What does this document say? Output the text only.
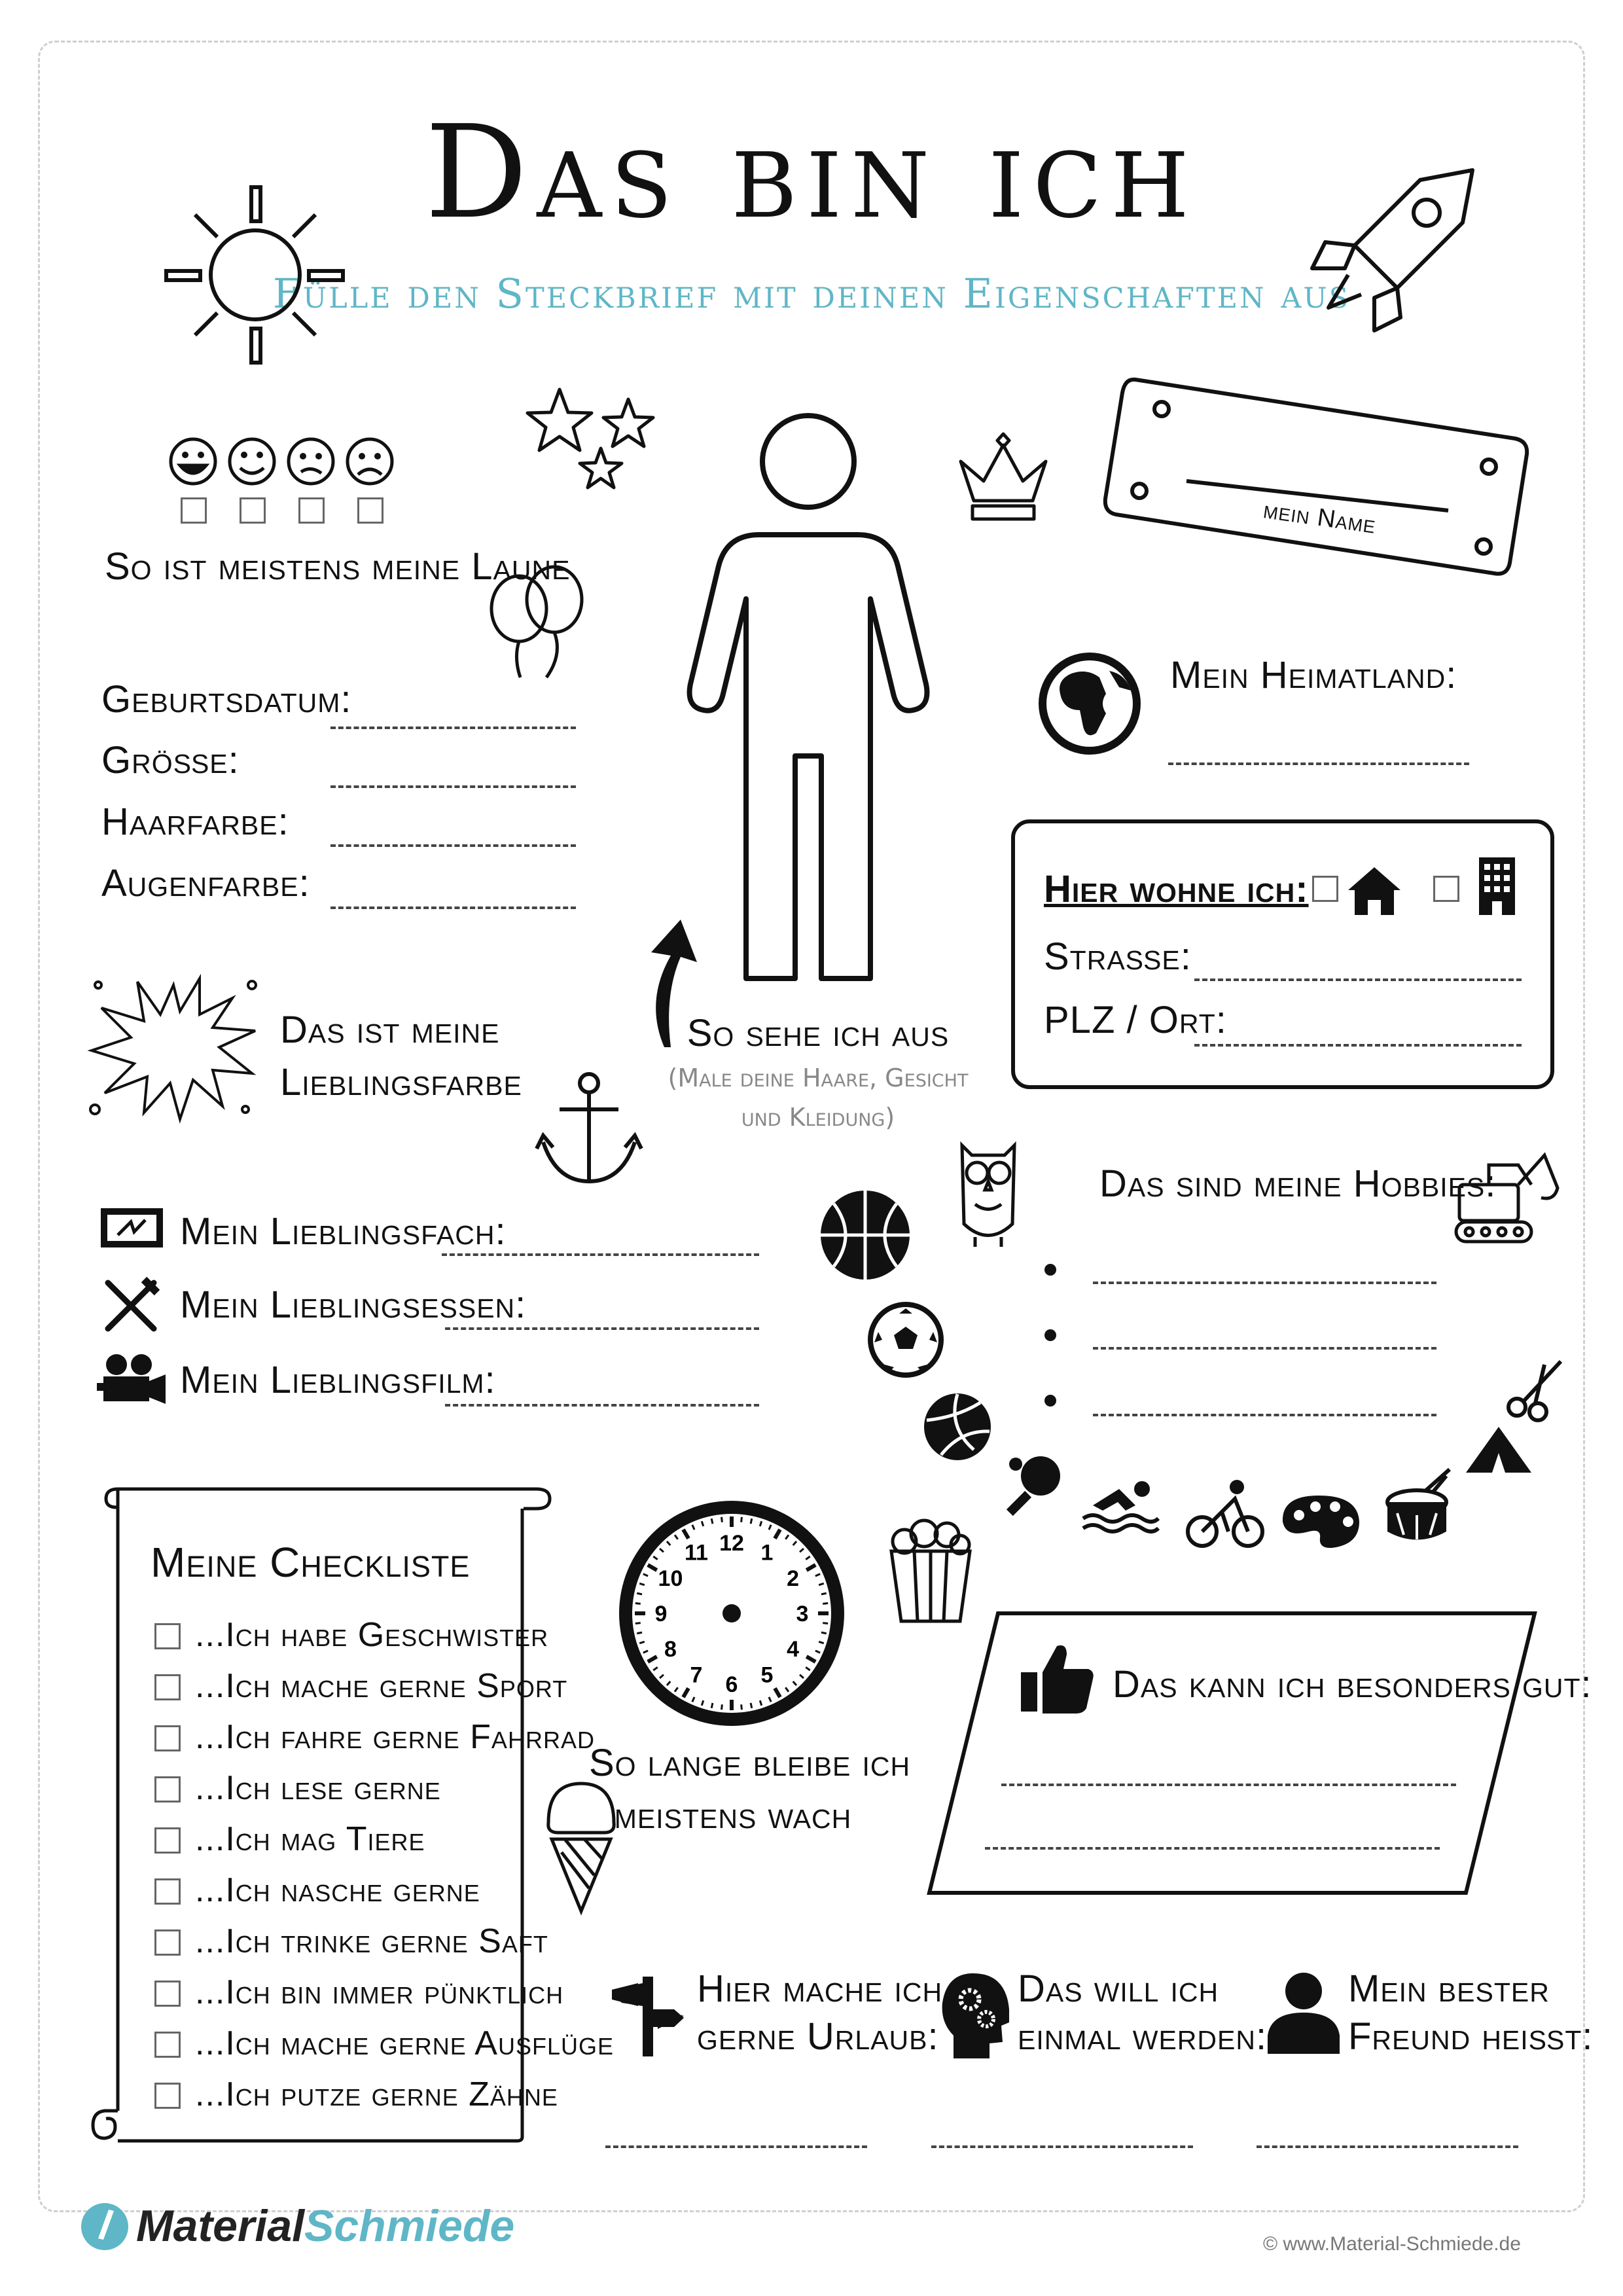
Das bin ich
Fülle den Steckbrief mit deinen Eigenschaften aus
So ist meistens meine Laune
mein Name
Geburtsdatum:
Größe:
Haarfarbe:
Augenfarbe:
Mein Heimatland:
Hier wohne ich:
Straße:
PLZ / Ort:
Das ist meine
Lieblingsfarbe
So sehe ich aus
(Male deine Haare, Gesicht
und Kleidung)
Das sind meine Hobbies:
Mein Lieblingsfach:
Mein Lieblingsessen:
Mein Lieblingsfilm:
Meine Checkliste
...Ich habe Geschwister
...Ich mache gerne Sport
...Ich fahre gerne Fahrrad
...Ich lese gerne
...Ich mag Tiere
...Ich nasche gerne
...Ich trinke gerne Saft
...Ich bin immer pünktlich
...Ich mache gerne Ausflüge
...Ich putze gerne Zähne
12 1
2
3
4
5
6
7
8
9
10
11
So lange bleibe ich
meistens wach
Das kann ich besonders gut:
Hier mache ich
gerne Urlaub:
Das will ich
einmal werden:
Mein bester
Freund heißt:
MaterialSchmiede	© www.Material-Schmiede.de
